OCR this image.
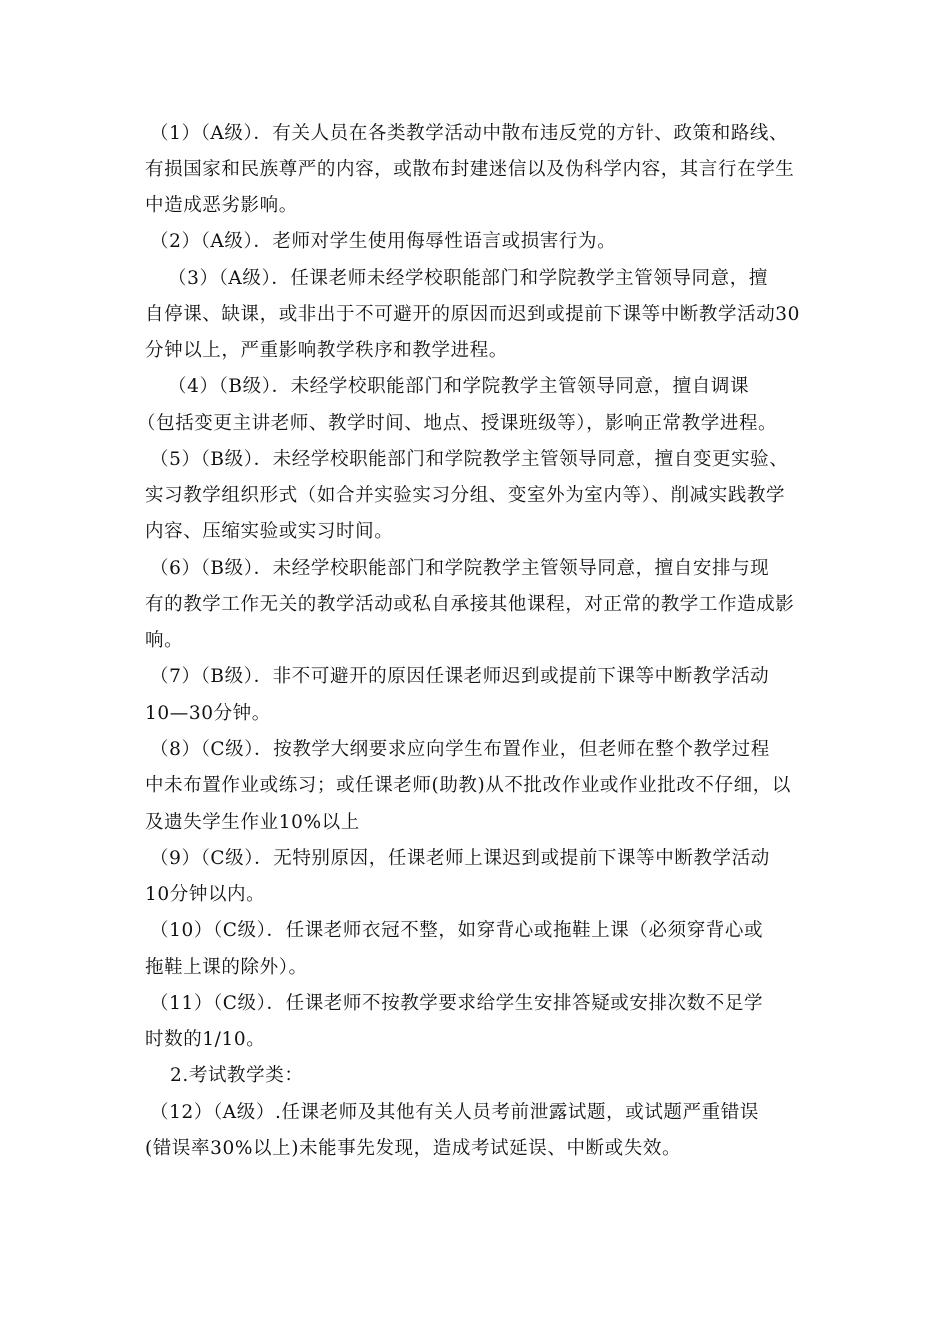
（1）（A级）．有关人员在各类教学活动中散布违反党的方针、政策和路线、

有损国家和民族尊严的内容，或散布封建迷信以及伪科学内容，其言行在学生

中造成恶劣影响。

（2）（A级）．老师对学生使用侮辱性语言或损害行为。

（3）（A级）．任课老师未经学校职能部门和学院教学主管领导同意，擅

自停课、缺课，或非出于不可避开的原因而迟到或提前下课等中断教学活动30

分钟以上，严重影响教学秩序和教学进程。

（4）（B级）．未经学校职能部门和学院教学主管领导同意，擅自调课

（包括变更主讲老师、教学时间、地点、授课班级等），影响正常教学进程。

（5）（B级）．未经学校职能部门和学院教学主管领导同意，擅自变更实验、

实习教学组织形式（如合并实验实习分组、变室外为室内等）、削减实践教学

内容、压缩实验或实习时间。

（6）（B级）．未经学校职能部门和学院教学主管领导同意，擅自安排与现

有的教学工作无关的教学活动或私自承接其他课程，对正常的教学工作造成影

响。

（7）（B级）．非不可避开的原因任课老师迟到或提前下课等中断教学活动

10—30分钟。

（8）（C级）．按教学大纲要求应向学生布置作业，但老师在整个教学过程

中未布置作业或练习；或任课老师(助教)从不批改作业或作业批改不仔细，以

及遗失学生作业10%以上

（9）（C级）．无特别原因，任课老师上课迟到或提前下课等中断教学活动

10分钟以内。

（10）（C级）．任课老师衣冠不整，如穿背心或拖鞋上课（必须穿背心或

拖鞋上课的除外）。

（11）（C级）．任课老师不按教学要求给学生安排答疑或安排次数不足学

时数的1/10。

2.考试教学类：

（12）（A级）.任课老师及其他有关人员考前泄露试题，或试题严重错误

(错误率30%以上)未能事先发现，造成考试延误、中断或失效。
